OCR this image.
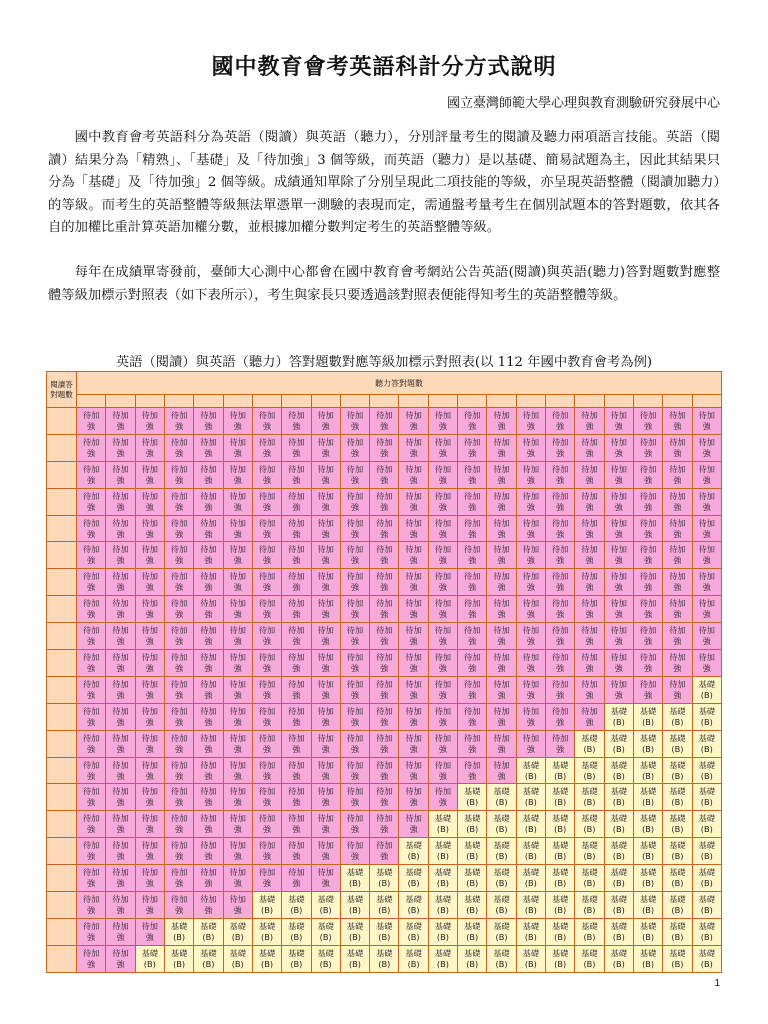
國中教育會考英語科計分方式說明
國立臺灣師範大學心理與教育測驗研究發展中心

國中教育會考英語科分為英語（閱讀）與英語（聽力），分別評量考生的閱讀及聽力兩項語言技能。英語（閱讀）結果分為「精熟」、「基礎」及「待加強」3 個等級，而英語（聽力）是以基礎、簡易試題為主，因此其結果只分為「基礎」及「待加強」2 個等級。成績通知單除了分別呈現此二項技能的等級，亦呈現英語整體（閱讀加聽力）的等級。而考生的英語整體等級無法單憑單一測驗的表現而定，需通盤考量考生在個別試題本的答對題數，依其各自的加權比重計算英語加權分數，並根據加權分數判定考生的英語整體等級。

每年在成績單寄發前，臺師大心測中心都會在國中教育會考網站公告英語(閱讀)與英語(聽力)答對題數對應整體等級加標示對照表（如下表所示），考生與家長只要透過該對照表便能得知考生的英語整體等級。

英語（閱讀）與英語（聽力）答對題數對應等級加標示對照表(以 112 年國中教育會考為例)
閱讀答對題數	聽力答對題數																					

	待加
強	待加
強	待加
強	待加
強	待加
強	待加
強	待加
強	待加
強	待加
強	待加
強	待加
強	待加
強	待加
強	待加
強	待加
強	待加
強	待加
強	待加
強	待加
強	待加
強	待加
強	待加
強

	待加
強	待加
強	待加
強	待加
強	待加
強	待加
強	待加
強	待加
強	待加
強	待加
強	待加
強	待加
強	待加
強	待加
強	待加
強	待加
強	待加
強	待加
強	待加
強	待加
強	待加
強	待加
強

	待加
強	待加
強	待加
強	待加
強	待加
強	待加
強	待加
強	待加
強	待加
強	待加
強	待加
強	待加
強	待加
強	待加
強	待加
強	待加
強	待加
強	待加
強	待加
強	待加
強	待加
強	待加
強

	待加
強	待加
強	待加
強	待加
強	待加
強	待加
強	待加
強	待加
強	待加
強	待加
強	待加
強	待加
強	待加
強	待加
強	待加
強	待加
強	待加
強	待加
強	待加
強	待加
強	待加
強	待加
強

	待加
強	待加
強	待加
強	待加
強	待加
強	待加
強	待加
強	待加
強	待加
強	待加
強	待加
強	待加
強	待加
強	待加
強	待加
強	待加
強	待加
強	待加
強	待加
強	待加
強	待加
強	待加
強

	待加
強	待加
強	待加
強	待加
強	待加
強	待加
強	待加
強	待加
強	待加
強	待加
強	待加
強	待加
強	待加
強	待加
強	待加
強	待加
強	待加
強	待加
強	待加
強	待加
強	待加
強	待加
強

	待加
強	待加
強	待加
強	待加
強	待加
強	待加
強	待加
強	待加
強	待加
強	待加
強	待加
強	待加
強	待加
強	待加
強	待加
強	待加
強	待加
強	待加
強	待加
強	待加
強	待加
強	待加
強

	待加
強	待加
強	待加
強	待加
強	待加
強	待加
強	待加
強	待加
強	待加
強	待加
強	待加
強	待加
強	待加
強	待加
強	待加
強	待加
強	待加
強	待加
強	待加
強	待加
強	待加
強	待加
強

	待加
強	待加
強	待加
強	待加
強	待加
強	待加
強	待加
強	待加
強	待加
強	待加
強	待加
強	待加
強	待加
強	待加
強	待加
強	待加
強	待加
強	待加
強	待加
強	待加
強	待加
強	待加
強

	待加
強	待加
強	待加
強	待加
強	待加
強	待加
強	待加
強	待加
強	待加
強	待加
強	待加
強	待加
強	待加
強	待加
強	待加
強	待加
強	待加
強	待加
強	待加
強	待加
強	待加
強	待加
強

	待加
強	待加
強	待加
強	待加
強	待加
強	待加
強	待加
強	待加
強	待加
強	待加
強	待加
強	待加
強	待加
強	待加
強	待加
強	待加
強	待加
強	待加
強	待加
強	待加
強	待加
強	基礎
(B)

	待加
強	待加
強	待加
強	待加
強	待加
強	待加
強	待加
強	待加
強	待加
強	待加
強	待加
強	待加
強	待加
強	待加
強	待加
強	待加
強	待加
強	待加
強	基礎
(B)	基礎
(B)	基礎
(B)	基礎
(B)

	待加
強	待加
強	待加
強	待加
強	待加
強	待加
強	待加
強	待加
強	待加
強	待加
強	待加
強	待加
強	待加
強	待加
強	待加
強	待加
強	待加
強	基礎
(B)	基礎
(B)	基礎
(B)	基礎
(B)	基礎
(B)

	待加
強	待加
強	待加
強	待加
強	待加
強	待加
強	待加
強	待加
強	待加
強	待加
強	待加
強	待加
強	待加
強	待加
強	待加
強	基礎
(B)	基礎
(B)	基礎
(B)	基礎
(B)	基礎
(B)	基礎
(B)	基礎
(B)

	待加
強	待加
強	待加
強	待加
強	待加
強	待加
強	待加
強	待加
強	待加
強	待加
強	待加
強	待加
強	待加
強	基礎
(B)	基礎
(B)	基礎
(B)	基礎
(B)	基礎
(B)	基礎
(B)	基礎
(B)	基礎
(B)	基礎
(B)

	待加
強	待加
強	待加
強	待加
強	待加
強	待加
強	待加
強	待加
強	待加
強	待加
強	待加
強	待加
強	基礎
(B)	基礎
(B)	基礎
(B)	基礎
(B)	基礎
(B)	基礎
(B)	基礎
(B)	基礎
(B)	基礎
(B)	基礎
(B)

	待加
強	待加
強	待加
強	待加
強	待加
強	待加
強	待加
強	待加
強	待加
強	待加
強	待加
強	基礎
(B)	基礎
(B)	基礎
(B)	基礎
(B)	基礎
(B)	基礎
(B)	基礎
(B)	基礎
(B)	基礎
(B)	基礎
(B)	基礎
(B)

	待加
強	待加
強	待加
強	待加
強	待加
強	待加
強	待加
強	待加
強	待加
強	基礎
(B)	基礎
(B)	基礎
(B)	基礎
(B)	基礎
(B)	基礎
(B)	基礎
(B)	基礎
(B)	基礎
(B)	基礎
(B)	基礎
(B)	基礎
(B)	基礎
(B)

	待加
強	待加
強	待加
強	待加
強	待加
強	待加
強	基礎
(B)	基礎
(B)	基礎
(B)	基礎
(B)	基礎
(B)	基礎
(B)	基礎
(B)	基礎
(B)	基礎
(B)	基礎
(B)	基礎
(B)	基礎
(B)	基礎
(B)	基礎
(B)	基礎
(B)	基礎
(B)

	待加
強	待加
強	待加
強	基礎
(B)	基礎
(B)	基礎
(B)	基礎
(B)	基礎
(B)	基礎
(B)	基礎
(B)	基礎
(B)	基礎
(B)	基礎
(B)	基礎
(B)	基礎
(B)	基礎
(B)	基礎
(B)	基礎
(B)	基礎
(B)	基礎
(B)	基礎
(B)	基礎
(B)

	待加
強	待加
強	基礎
(B)	基礎
(B)	基礎
(B)	基礎
(B)	基礎
(B)	基礎
(B)	基礎
(B)	基礎
(B)	基礎
(B)	基礎
(B)	基礎
(B)	基礎
(B)	基礎
(B)	基礎
(B)	基礎
(B)	基礎
(B)	基礎
(B)	基礎
(B)	基礎
(B)	基礎
(B)
1
